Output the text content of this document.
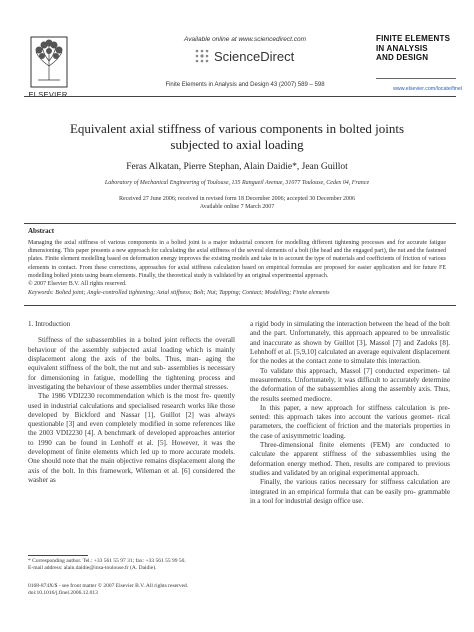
ELSEVIER
Available online at www.sciencedirect.com
ScienceDirect
Finite Elements in Analysis and Design 43 (2007) 589 – 598
FINITE ELEMENTS
IN ANALYSIS
AND DESIGN
www.elsevier.com/locate/finel
Equivalent axial stiffness of various components in bolted joints
subjected to axial loading
Feras Alkatan, Pierre Stephan, Alain Daidie*, Jean Guillot
Laboratory of Mechanical Engineering of Toulouse, 135 Rangueil Avenue, 31077 Toulouse, Cedex 04, France
Received 27 June 2006; received in revised form 18 December 2006; accepted 30 December 2006
Available online 7 March 2007
Abstract
Managing the axial stiffness of various components in a bolted joint is a major industrial concern for modelling different tightening processes and for accurate fatigue dimensioning. This paper presents a new approach for calculating the axial stiffness of the several elements of a bolt (the head and the engaged part), the nut and the fastened plates. Finite element modelling based on deformation energy improves the existing models and take in to account the type of materials and coefficients of friction of various elements in contact. From these corrections, approaches for axial stiffness calculation based on empirical formulas are proposed for easier application and for future FE modelling bolted joints using beam elements. Finally, the theoretical study is validated by an original experimental approach.
© 2007 Elsevier B.V. All rights reserved.
Keywords: Bolted joint; Angle-controlled tightening; Axial stiffness; Bolt; Nut; Tapping; Contact; Modelling; Finite elements

1. Introduction

Stiffness of the subassemblies in a bolted joint reflects the overall behaviour of the assembly subjected axial loading which is mainly displacement along the axis of the bolts. Thus, man- aging the equivalent stiffness of the bolt, the nut and sub- assemblies is necessary for dimensioning in fatigue, modelling the tightening process and investigating the behaviour of these assemblies under thermal stresses.

The 1986 VDI2230 recommendation which is the most fre- quently used in industrial calculations and specialised research works like those developed by Bickford and Nassar [1], Guillot [2] was always questionable [3] and even completely modified in some references like the 2003 VDI2230 [4]. A benchmark of developed approaches anterior to 1990 can be found in Lenhoff et al. [5]. However, it was the development of finite elements which led up to more accurate models. One should note that the main objective remains displacement along the axis of the bolt. In this framework, Wileman et al. [6] considered the washer as

* Corresponding author. Tel.: +33 561 55 97 31; fax: +33 561 55 99 50.
E-mail address: alain.daidie@insa-toulouse.fr (A. Daidie).
0168-874X/$ - see front matter © 2007 Elsevier B.V. All rights reserved.
doi:10.1016/j.finel.2006.12.013

a rigid body in simulating the interaction between the head of the bolt and the part. Unfortunately, this approach appeared to be unrealistic and inaccurate as shown by Guillot [3], Massol [7] and Zadoks [8]. Lehnhoff et al. [5,9,10] calculated an average equivalent displacement for the nodes at the contact zone to simulate this interaction.

To validate this approach, Massol [7] conducted experimen- tal measurements. Unfortunately, it was difficult to accurately determine the deformation of the subassemblies along the assembly axis. Thus, the results seemed mediocre.

In this paper, a new approach for stiffness calculation is pre- sented: this approach takes into account the various geomet- rical parameters, the coefficient of friction and the materials properties in the case of axisymmetric loading.

Three-dimensional finite elements (FEM) are conducted to calculate the apparent stiffness of the subassemblies using the deformation energy method. Then, results are compared to previous studies and validated by an original experimental approach.

Finally, the various ratios necessary for stiffness calculation are integrated in an empirical formula that can be easily pro- grammable in a tool for industrial design office use.
